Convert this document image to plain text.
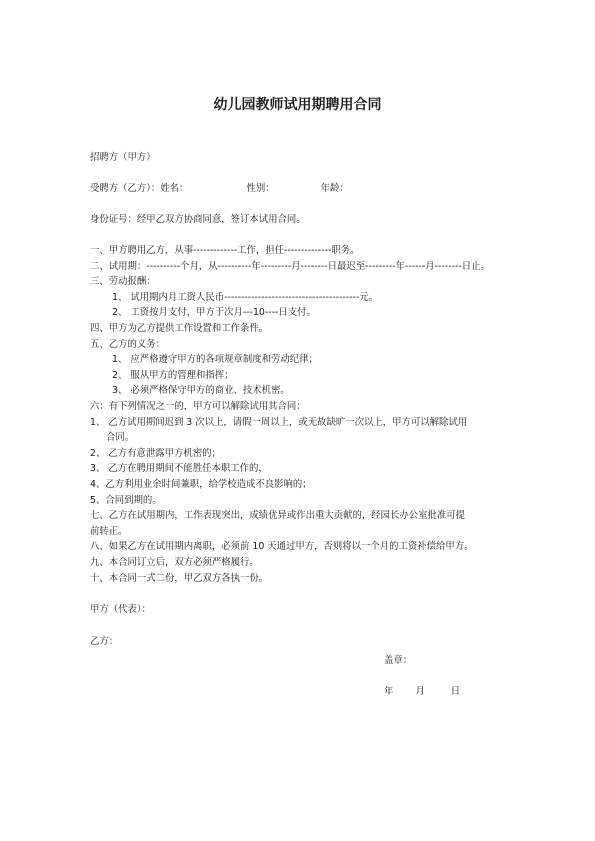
幼儿园教师试用期聘用合同
招聘方（甲方）
受聘方（乙方）：姓名：	性别：	年龄：
身份证号：经甲乙双方协商同意，签订本试用合同。
一、甲方聘用乙方，从事-------------工作，担任--------------职务。
二、试用期：----------个月，从----------年---------月--------日最迟至---------年------月--------日止。
三、劳动报酬：
1、 试用期内月工资人民币----------------------------------------元。
2、 工资按月支付，甲方于次月---10----日支付。
四、甲方为乙方提供工作设置和工作条件。
五、乙方的义务：
1、 应严格遵守甲方的各项规章制度和劳动纪律；
2、 服从甲方的管理和指挥；
3、 必须严格保守甲方的商业、技术机密。
六：有下列情况之一的，甲方可以解除试用其合同：
1、 乙方试用期间迟到 3 次以上，请假一周以上，或无故缺旷一次以上，甲方可以解除试用
合同。
2、 乙方有意泄露甲方机密的；
3、 乙方在聘用期间不能胜任本职工作的，
4、乙方利用业余时间兼职，给学校造成不良影响的；
5、合同到期的。
七、乙方在试用期内，工作表现突出，成绩优异或作出重大贡献的，经园长办公室批准可提
前转正。
八、如果乙方在试用期内离职，必须前 10 天通过甲方，否则将以一个月的工资补偿给甲方。
九、本合同订立后，双方必须严格履行。
十、本合同一式二份，甲乙双方各执一份。
甲方（代表）：
乙方：
盖章：
年 月	日
